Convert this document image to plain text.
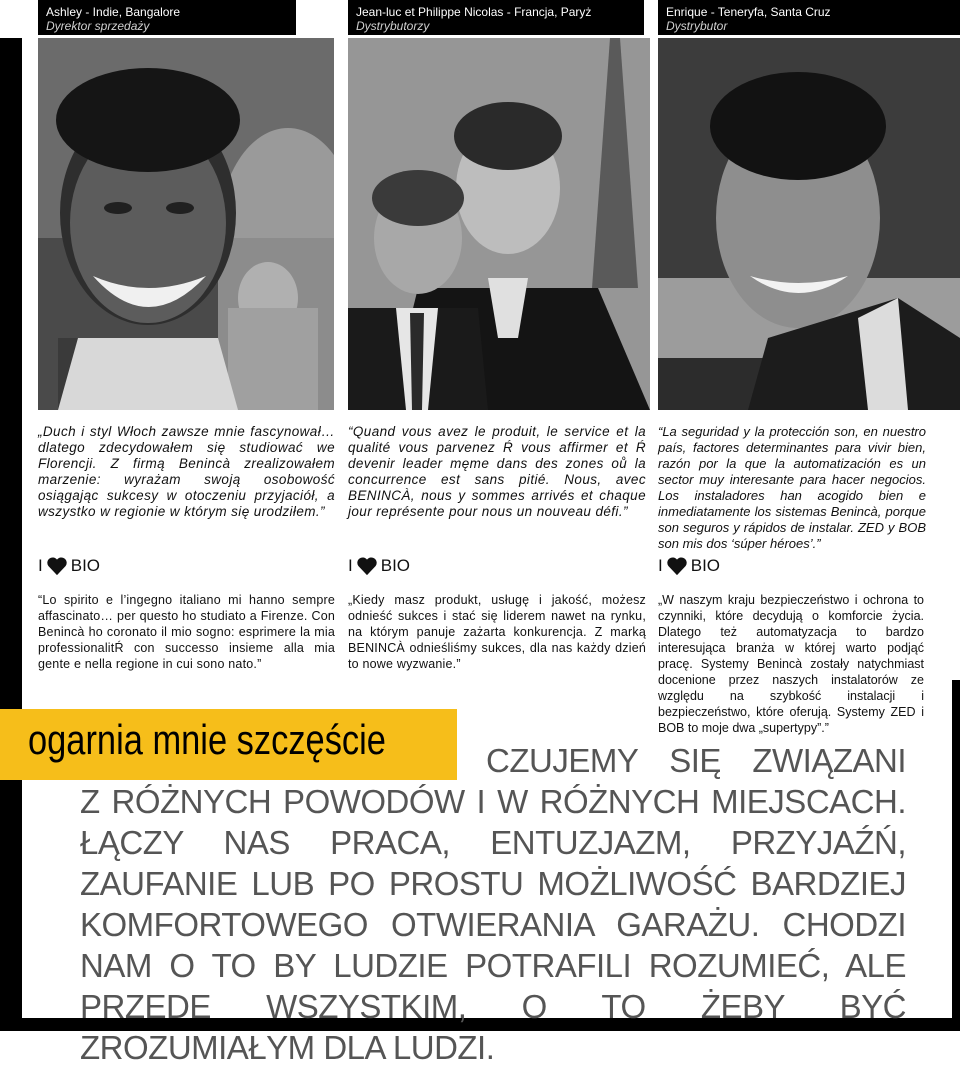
Ashley - Indie, Bangalore
Dyrektor sprzedaży
Jean-luc et Philippe Nicolas - Francja, Paryż
Dystrybutorzy
Enrique - Teneryfa, Santa Cruz
Dystrybutor
„Duch i styl Włoch zawsze mnie fascynował… dlatego zdecydowałem się studiować we Florencji. Z firmą Benincà zrealizowałem marzenie: wyrażam swoją osobowość osiągając sukcesy w otoczeniu przyjaciół, a wszystko w regionie w którym się urodziłem.”
“Quand vous avez le produit, le service et la qualité vous parvenez Ŕ vous affirmer et Ŕ devenir leader męme dans des zones oů la concurrence est sans pitié. Nous, avec BENINCÀ, nous y sommes arrivés et chaque jour représente pour nous un nouveau défi.”
“La seguridad y la protección son, en nuestro país, factores determinantes para vivir bien, razón por la que la automatización es un sector muy interesante para hacer negocios. Los instaladores han acogido bien e inmediatamente los sistemas Benincà, porque son seguros y rápidos de instalar. ZED y BOB son mis dos ‘súper héroes’.”
I BIO	I BIO	I BIO
“Lo spirito e l’ingegno italiano mi hanno sempre affascinato… per questo ho studiato a Firenze. Con Benincà ho coronato il mio sogno: esprimere la mia professionalitŔ con successo insieme alla mia gente e nella regione in cui sono nato.”
„Kiedy masz produkt, usługę i jakość, możesz odnieść sukces i stać się liderem nawet na rynku, na którym panuje zażarta konkurencja. Z marką BENINCÀ odnieśliśmy sukces, dla nas każdy dzień to nowe wyzwanie.”
„W naszym kraju bezpieczeństwo i ochrona to czynniki, które decydują o komforcie życia. Dlatego też automatyzacja to bardzo interesująca branża w której warto podjąć pracę. Systemy Benincà zostały natychmiast docenione przez naszych instalatorów ze względu na szybkość instalacji i bezpieczeństwo, które oferują. Systemy ZED i BOB to moje dwa „supertypy”.”
ogarnia mnie szczęście	CZUJEMY SIĘ ZWIĄZANI
Z RÓŻNYCH POWODÓW I W RÓŻNYCH MIEJSCACH. ŁĄCZY NAS PRACA, ENTUZJAZM, PRZYJAŹŃ, ZAUFANIE LUB PO PROSTU MOŻLIWOŚĆ BARDZIEJ KOMFORTOWEGO OTWIERANIA GARAŻU. CHODZI NAM O TO BY LUDZIE POTRAFILI ROZUMIEĆ, ALE PRZEDE WSZYSTKIM, O TO ŻEBY BYĆ ZROZUMIAŁYM DLA LUDZI.
